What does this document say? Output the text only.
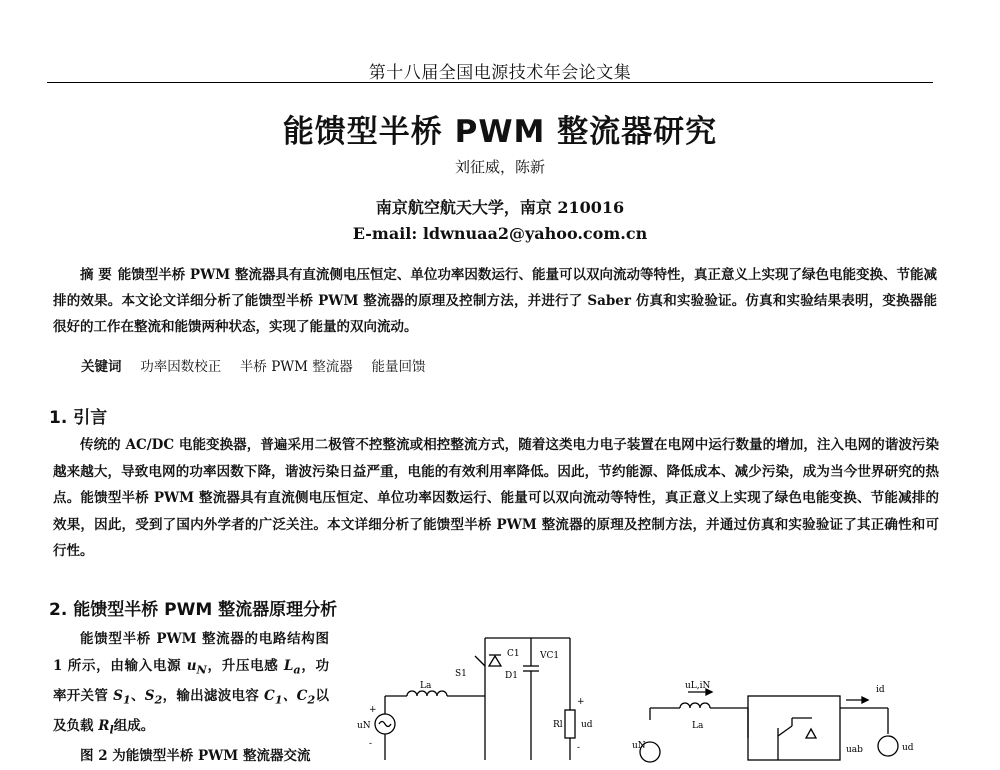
第十八届全国电源技术年会论文集
能馈型半桥 PWM 整流器研究
刘征威，陈新
南京航空航天大学，南京 210016
E-mail: ldwnuaa2@yahoo.com.cn
摘 要 能馈型半桥 PWM 整流器具有直流侧电压恒定、单位功率因数运行、能量可以双向流动等特性，真正意义上实现了绿色电能变换、节能减排的效果。本文论文详细分析了能馈型半桥 PWM 整流器的原理及控制方法，并进行了 Saber 仿真和实验验证。仿真和实验结果表明，变换器能很好的工作在整流和能馈两种状态，实现了能量的双向流动。
关键词 功率因数校正 半桥 PWM 整流器 能量回馈
1. 引言
传统的 AC/DC 电能变换器，普遍采用二极管不控整流或相控整流方式，随着这类电力电子装置在电网中运行数量的增加，注入电网的谐波污染越来越大，导致电网的功率因数下降，谐波污染日益严重，电能的有效利用率降低。因此，节约能源、降低成本、减少污染，成为当今世界研究的热点。能馈型半桥 PWM 整流器具有直流侧电压恒定、单位功率因数运行、能量可以双向流动等特性，真正意义上实现了绿色电能变换、节能减排的效果，因此，受到了国内外学者的广泛关注。本文详细分析了能馈型半桥 PWM 整流器的原理及控制方法，并通过仿真和实验验证了其正确性和可行性。
2. 能馈型半桥 PWM 整流器原理分析

能馈型半桥 PWM 整流器的电路结构图 1 所示，由输入电源 $u_N$，升压电感 $L_a$，功率开关管 $S_1$、$S_2$，输出滤波电容 $C_1$、$C_2$以及负载 $R_l$组成。

图 2 为能馈型半桥 PWM 整流器交流

S1	D1
C1 VC1
La
uN	Rl ud
+
-
+
-
uL,iN
La
id
uN	ud
uab
